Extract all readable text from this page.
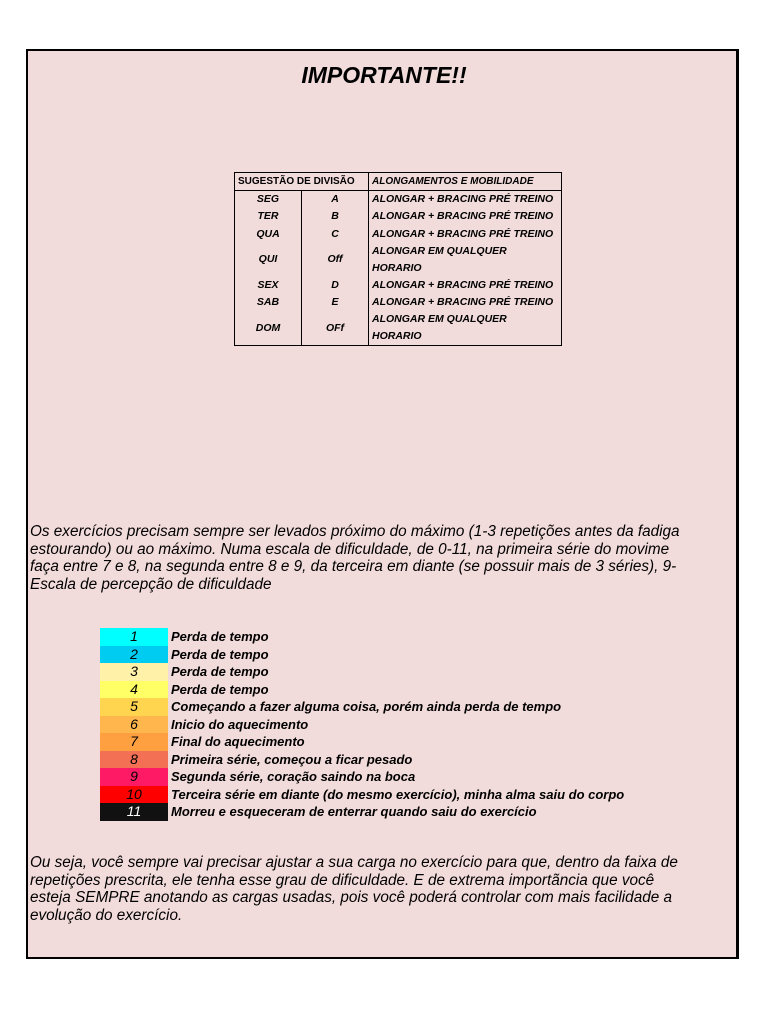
IMPORTANTE!!
SUGESTÃO DE DIVISÃO		ALONGAMENTOS E MOBILIDADE
SEG	A	ALONGAR + BRACING PRÉ TREINO
TER	B	ALONGAR + BRACING PRÉ TREINO
QUA	C	ALONGAR + BRACING PRÉ TREINO
QUI	Off	ALONGAR EM QUALQUER HORARIO
SEX	D	ALONGAR + BRACING PRÉ TREINO
SAB	E	ALONGAR + BRACING PRÉ TREINO
DOM	OFf	ALONGAR EM QUALQUER HORARIO
Os exercícios precisam sempre ser levados próximo do máximo (1-3 repetições antes da fadiga
estourando) ou ao máximo. Numa escala de dificuldade, de 0-11, na primeira série do movime
faça entre 7 e 8, na segunda entre 8 e 9, da terceira em diante (se possuir mais de 3 séries), 9-
Escala de percepção de dificuldade
1	Perda de tempo
2	Perda de tempo
3	Perda de tempo
4	Perda de tempo
5	Começando a fazer alguma coisa, porém ainda perda de tempo
6	Inicio do aquecimento
7	Final do aquecimento
8	Primeira série, começou a ficar pesado
9	Segunda série, coração saindo na boca
10	Terceira série em diante (do mesmo exercício), minha alma saiu do corpo
11	Morreu e esqueceram de enterrar quando saiu do exercício
Ou seja, você sempre vai precisar ajustar a sua carga no exercício para que, dentro da faixa de
repetições prescrita, ele tenha esse grau de dificuldade. E de extrema importãncia que você
esteja SEMPRE anotando as cargas usadas, pois você poderá controlar com mais facilidade a
evolução do exercício.
